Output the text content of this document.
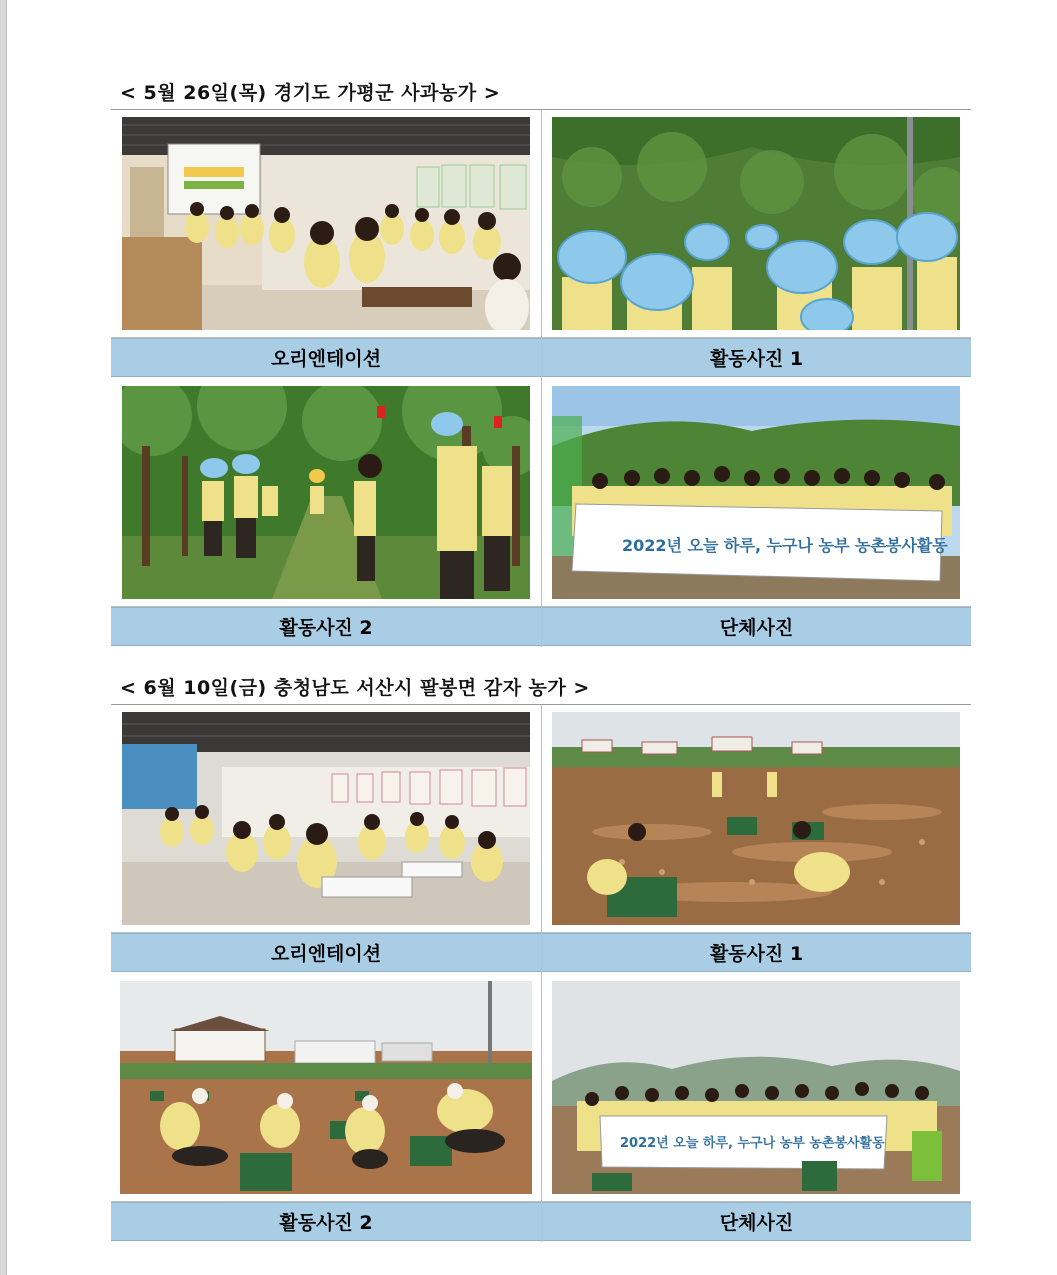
< 5월 26일(목) 경기도 가평군 사과농가 >
오리엔테이션	활동사진 1
2022년 오늘 하루, 누구나 농부 농촌봉사활동
활동사진 2	단체사진
< 6월 10일(금) 충청남도 서산시 팔봉면 감자 농가 >
오리엔테이션	활동사진 1
2022년 오늘 하루, 누구나 농부 농촌봉사활동
활동사진 2	단체사진
